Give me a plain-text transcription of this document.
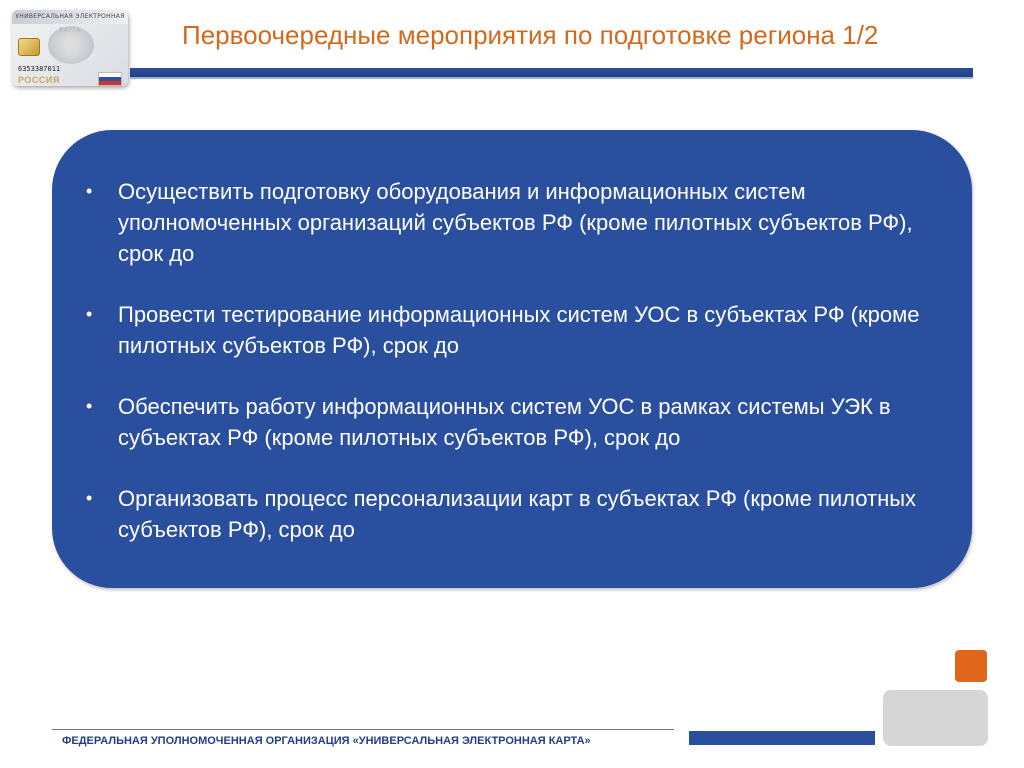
УНИВЕРСАЛЬНАЯ ЭЛЕКТРОННАЯ
6353387011
РОССИЯ
Первоочередные мероприятия по подготовке региона 1/2
• Осуществить подготовку оборудования и информационных систем уполномоченных организаций субъектов РФ (кроме пилотных субъектов РФ), срок до
• Провести тестирование информационных систем УОС в субъектах РФ (кроме пилотных субъектов РФ), срок до
• Обеспечить работу информационных систем УОС в рамках системы УЭК в субъектах РФ (кроме пилотных субъектов РФ), срок до
• Организовать процесс персонализации карт в субъектах РФ (кроме пилотных субъектов РФ), срок до
ФЕДЕРАЛЬНАЯ УПОЛНОМОЧЕННАЯ ОРГАНИЗАЦИЯ «УНИВЕРСАЛЬНАЯ ЭЛЕКТРОННАЯ КАРТА»
